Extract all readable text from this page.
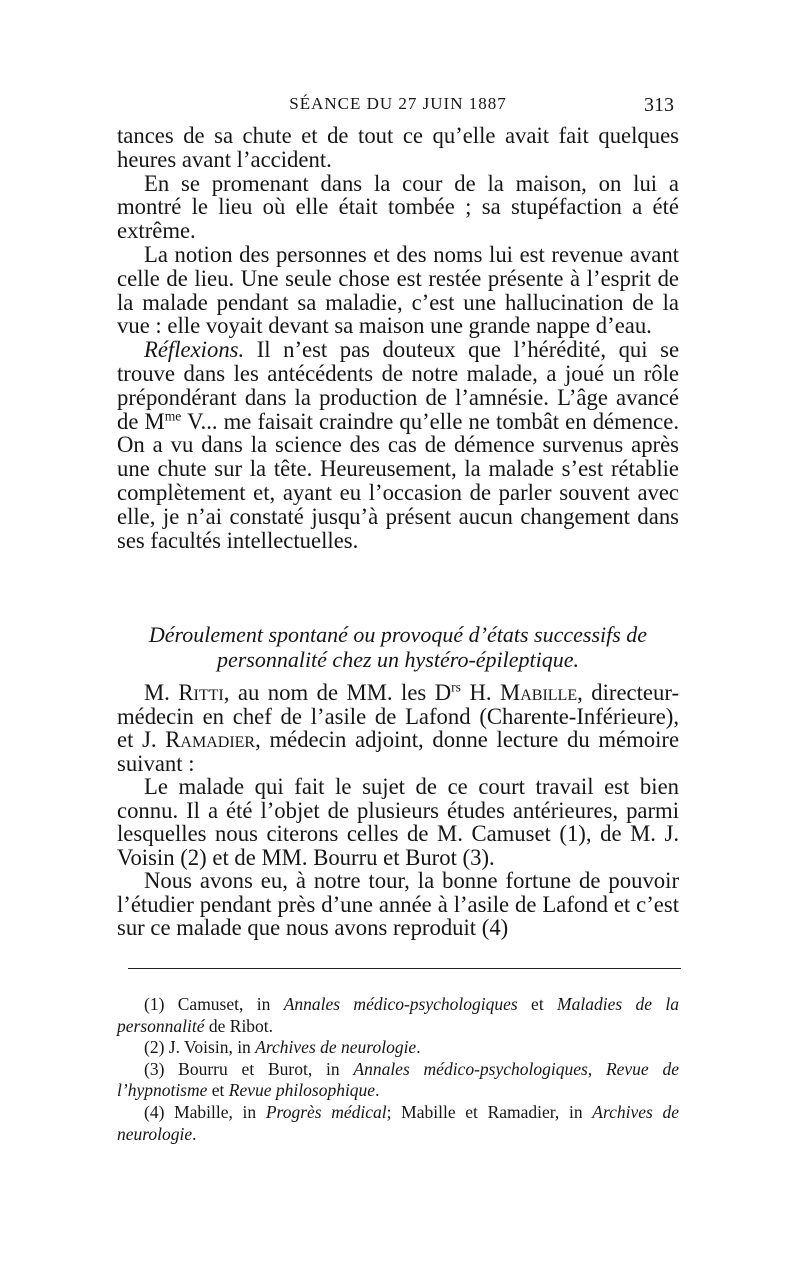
SÉANCE DU 27 JUIN 1887	313

tances de sa chute et de tout ce qu’elle avait fait quelques heures avant l’accident.

En se promenant dans la cour de la maison, on lui a montré le lieu où elle était tombée ; sa stupéfaction a été extrême.

La notion des personnes et des noms lui est revenue avant celle de lieu. Une seule chose est restée présente à l’esprit de la malade pendant sa maladie, c’est une hallucination de la vue : elle voyait devant sa maison une grande nappe d’eau.

Réflexions. Il n’est pas douteux que l’hérédité, qui se trouve dans les antécédents de notre malade, a joué un rôle prépondérant dans la production de l’amnésie. L’âge avancé de $M^{me}$ V... me faisait craindre qu’elle ne tombât en démence. On a vu dans la science des cas de démence survenus après une chute sur la tête. Heureusement, la malade s’est rétablie complètement et, ayant eu l’occasion de parler souvent avec elle, je n’ai constaté jusqu’à présent aucun changement dans ses facultés intellectuelles.

Déroulement spontané ou provoqué d’états successifs de
personnalité chez un hystéro-épileptique.

M. Ritti, au nom de MM. les $D^{rs}$ H. Mabille, directeur-médecin en chef de l’asile de Lafond (Charente-Inférieure), et J. Ramadier, médecin adjoint, donne lecture du mémoire suivant :

Le malade qui fait le sujet de ce court travail est bien connu. Il a été l’objet de plusieurs études antérieures, parmi lesquelles nous citerons celles de M. Camuset (1), de M. J. Voisin (2) et de MM. Bourru et Burot (3).

Nous avons eu, à notre tour, la bonne fortune de pouvoir l’étudier pendant près d’une année à l’asile de Lafond et c’est sur ce malade que nous avons reproduit (4)

(1) Camuset, in Annales médico-psychologiques et Maladies de la personnalité de Ribot.

(2) J. Voisin, in Archives de neurologie.

(3) Bourru et Burot, in Annales médico-psychologiques, Revue de l’hypnotisme et Revue philosophique.

(4) Mabille, in Progrès médical; Mabille et Ramadier, in Archives de neurologie.
